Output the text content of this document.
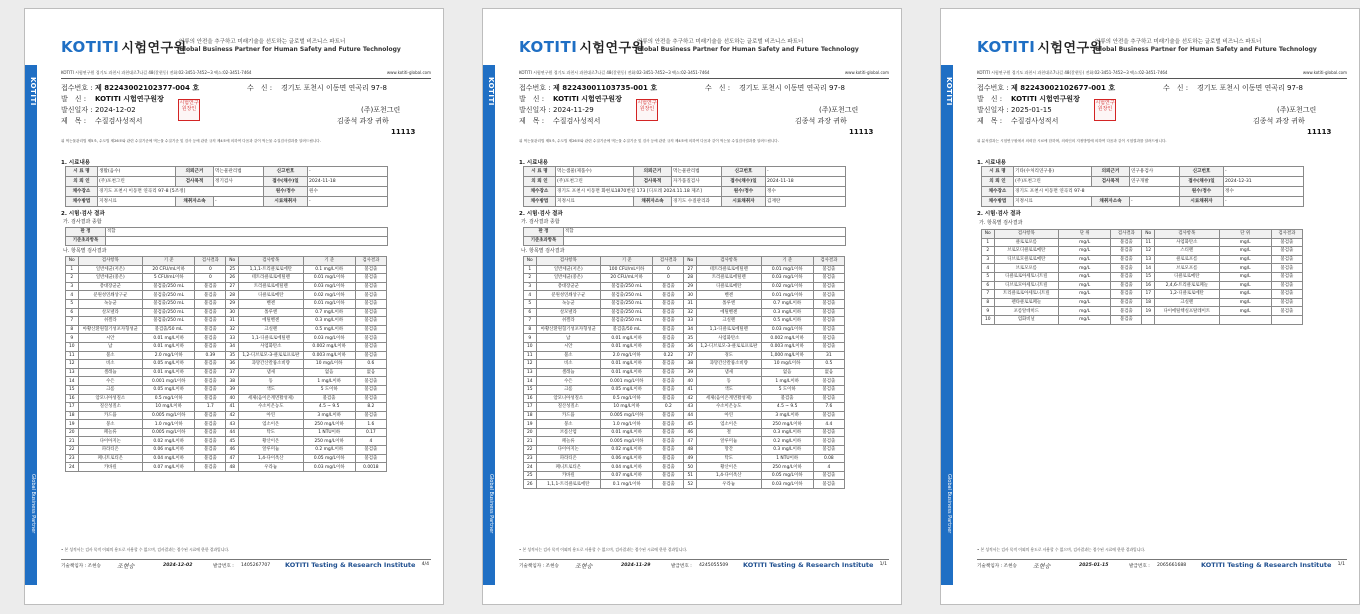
KOTITI
Global Business Partner
KOTITI 시험연구원
인류의 안전을 추구하고 미래기술을 선도하는 글로벌 비즈니스 파트너
Global Business Partner for Human Safety and Future Technology
KOTITI 시험연구원 경기도 과천시 과천대로7나길 48(갈현동) 전화:02-3451-7452~3 팩스:02-3451-7464	www.kotiti-global.com
접수번호 : 제 82243002102377-004 호	수　신 : 경기도 포천시 이동면 연곡리 97-8
발　신 : KOTITI 시험연구원장
발신일자 : 2024-12-02	(주)포천그린
제　목 : 수질검사성적서	김종석 과장 귀하
11113
시험연구원장인
위 먹는물관리법 제5조, 수도법 제26조와 관련 수질기준에 먹는물 수질기준 및 검사 등에 관한 규칙 제4조에 의하여 다음과 같이 먹는물 수질검사결과를 알려드립니다.
1. 시료내용
시 료 명	생활(음수)	의뢰근거	먹는물관리법	신고번호	-
의 뢰 인	(주)포천그린	검사목적	정기검사	접수(채수)일	2024-11-18
채수장소	경기도 포천시 이동면 연곡리 97-8 [5조정]			원수/정수	원수
채수방법	지정시료	채취자소속	-	시료채취자	-
2. 시험·검사 결과
가. 검사결과 종합
판 정	적합
기준초과항목	
나. 항목별 검사결과
No	검사항목	기 준	검사결과	No	검사항목	기 준	검사결과
1	일반세균(저온)	20 CFU/mL이하	0	25	1,1,1-트리클로로에탄	0.1 mg/L이하	불검출
2	일반세균(중온)	5 CFU/mL이하	0	26	테트라클로로에틸렌	0.01 mg/L이하	불검출
3	총대장균군	불검출/250 mL	불검출	27	트리클로로에틸렌	0.03 mg/L이하	불검출
4	분원성연쇄상구균	불검출/250 mL	불검출	28	디클로로메탄	0.02 mg/L이하	불검출
5	녹농균	불검출/250 mL	불검출	29	벤젠	0.01 mg/L이하	불검출
6	살모넬라	불검출/250 mL	불검출	30	톨루엔	0.7 mg/L이하	불검출
7	쉬겔라	불검출/250 mL	불검출	31	에틸벤젠	0.3 mg/L이하	불검출
8	아황산환원혐기성포자형성균	불검출/50 mL	불검출	32	크실렌	0.5 mg/L이하	불검출
9	시안	0.01 mg/L이하	불검출	33	1,1-디클로로에틸렌	0.03 mg/L이하	불검출
10	납	0.01 mg/L이하	불검출	34	사염화탄소	0.002 mg/L이하	불검출
11	불소	2.0 mg/L이하	0.39	35	1,2-디브로모-3-클로로프로판	0.003 mg/L이하	불검출
12	비소	0.05 mg/L이하	불검출	36	과망간산칼륨소비량	10 mg/L이하	0.6
13	셀레늄	0.01 mg/L이하	불검출	37	냄새	없음	없음
14	수은	0.001 mg/L이하	불검출	38	동	1 mg/L이하	불검출
15	크롬	0.05 mg/L이하	불검출	39	색도	5 도이하	불검출
16	암모니아성질소	0.5 mg/L이하	불검출	40	세제(음이온계면활성제)	불검출	불검출
17	질산성질소	10 mg/L이하	1.7	41	수소이온농도	4.5 ~ 9.5	8.2
18	카드뮴	0.005 mg/L이하	불검출	42	아연	3 mg/L이하	불검출
19	붕소	1.0 mg/L이하	불검출	43	염소이온	250 mg/L이하	1.6
20	페놀류	0.005 mg/L이하	불검출	44	탁도	1 NTU이하	0.17
21	다이아지논	0.02 mg/L이하	불검출	45	황산이온	250 mg/L이하	4
22	파라티온	0.06 mg/L이하	불검출	46	알루미늄	0.2 mg/L이하	불검출
23	페니트로티온	0.04 mg/L이하	불검출	47	1,4-다이옥산	0.05 mg/L이하	불검출
24	카바릴	0.07 mg/L이하	불검출	48	우라늄	0.03 mg/L이하	0.0018
• 본 성적서는 검사 목적 이외의 용도로 사용할 수 없으며, 검사결과는 접수된 시료에 한한 결과입니다.
기술책임자 : 조현승	조현승	2024-12-02	발급번호 : 1405267707 KOTITI Testing & Research Institute 4/4
KOTITI
Global Business Partner
KOTITI 시험연구원
인류의 안전을 추구하고 미래기술을 선도하는 글로벌 비즈니스 파트너
Global Business Partner for Human Safety and Future Technology
KOTITI 시험연구원 경기도 과천시 과천대로7나길 48(갈현동) 전화:02-3451-7452~3 팩스:02-3451-7464	www.kotiti-global.com
접수번호 : 제 82243001103735-001 호	수　신 : 경기도 포천시 이동면 연곡리 97-8
발　신 : KOTITI 시험연구원장
발신일자 : 2024-11-29	(주)포천그린
제　목 : 수질검사성적서	김종석 과장 귀하
11113
시험연구원장인
위 먹는물관리법 제5조, 수도법 제26조와 관련 수질기준에 먹는물 수질기준 및 검사 등에 관한 규칙 제4조에 의하여 다음과 같이 먹는물 수질검사결과를 알려드립니다.
1. 시료내용
시 료 명	먹는샘물(제품수)	의뢰근거	먹는물관리법	신고번호	-
의 뢰 인	(주)포천그린	검사목적	자가품질검사	접수(채수)일	2024-11-18
채수장소	경기도 포천시 이동면 화현로1870번길 173 [디포레 2024.11.18 제조]			원수/정수	정수
채수방법	지정시료	채취자소속	경기도 수질관리과	시료채취자	김재란
2. 시험·검사 결과
가. 검사결과 종합
판 정	적합
기준초과항목	
나. 항목별 검사결과
No	검사항목	기 준	검사결과	No	검사항목	기 준	검사결과
1	일반세균(저온)	100 CFU/mL이하	0	27	테트라클로로에틸렌	0.01 mg/L이하	불검출
2	일반세균(중온)	20 CFU/mL이하	0	28	트리클로로에틸렌	0.03 mg/L이하	불검출
3	총대장균군	불검출/250 mL	불검출	29	디클로로메탄	0.02 mg/L이하	불검출
4	분원성연쇄상구균	불검출/250 mL	불검출	30	벤젠	0.01 mg/L이하	불검출
5	녹농균	불검출/250 mL	불검출	31	톨루엔	0.7 mg/L이하	불검출
6	살모넬라	불검출/250 mL	불검출	32	에틸벤젠	0.3 mg/L이하	불검출
7	쉬겔라	불검출/250 mL	불검출	33	크실렌	0.5 mg/L이하	불검출
8	아황산환원혐기성포자형성균	불검출/50 mL	불검출	34	1,1-디클로로에틸렌	0.03 mg/L이하	불검출
9	납	0.01 mg/L이하	불검출	35	사염화탄소	0.002 mg/L이하	불검출
10	시안	0.01 mg/L이하	불검출	36	1,2-디브로모-3-클로로프로판	0.003 mg/L이하	불검출
11	불소	2.0 mg/L이하	0.22	37	경도	1,000 mg/L이하	31
12	비소	0.01 mg/L이하	불검출	38	과망간산칼륨소비량	10 mg/L이하	0.5
13	셀레늄	0.01 mg/L이하	불검출	39	냄새	없음	없음
14	수은	0.001 mg/L이하	불검출	40	동	1 mg/L이하	불검출
15	크롬	0.05 mg/L이하	불검출	41	색도	5 도이하	불검출
16	암모니아성질소	0.5 mg/L이하	불검출	42	세제(음이온계면활성제)	불검출	불검출
17	질산성질소	10 mg/L이하	0.2	43	수소이온농도	4.5 ~ 9.5	7.6
18	카드뮴	0.005 mg/L이하	불검출	44	아연	3 mg/L이하	불검출
19	붕소	1.0 mg/L이하	불검출	45	염소이온	250 mg/L이하	4.4
20	브롬산염	0.01 mg/L이하	불검출	46	철	0.3 mg/L이하	불검출
21	페놀류	0.005 mg/L이하	불검출	47	알루미늄	0.2 mg/L이하	불검출
22	다이아지논	0.02 mg/L이하	불검출	48	망간	0.3 mg/L이하	불검출
23	파라티온	0.06 mg/L이하	불검출	49	탁도	1 NTU이하	0.08
24	페니트로티온	0.04 mg/L이하	불검출	50	황산이온	250 mg/L이하	4
25	카바릴	0.07 mg/L이하	불검출	51	1,4-다이옥산	0.05 mg/L이하	불검출
26	1,1,1-트리클로로에탄	0.1 mg/L이하	불검출	52	우라늄	0.03 mg/L이하	불검출
• 본 성적서는 검사 목적 이외의 용도로 사용할 수 없으며, 검사결과는 접수된 시료에 한한 결과입니다.
기술책임자 : 조현승	조현승	2024-11-29	발급번호 : 4245055509 KOTITI Testing & Research Institute 1/1
KOTITI
Global Business Partner
KOTITI 시험연구원
인류의 안전을 추구하고 미래기술을 선도하는 글로벌 비즈니스 파트너
Global Business Partner for Human Safety and Future Technology
KOTITI 시험연구원 경기도 과천시 과천대로7나길 48(갈현동) 전화:02-3451-7452~3 팩스:02-3451-7464	www.kotiti-global.com
접수번호 : 제 82243002102677-001 호	수　신 : 경기도 포천시 이동면 연곡리 97-8
발　신 : KOTITI 시험연구원장
발신일자 : 2025-01-15	(주)포천그린
제　목 : 수질검사성적서	김종석 과장 귀하
11113
시험연구원장인
위 분석결과는 시험연구원에서 의뢰한 시료에 한하며, 의뢰인의 지정방법에 의하여 다음과 같이 시험결과를 알려드립니다.
1. 시료내용
시 료 명	기타(수처리연구용)	의뢰근거	연구용검사	신고번호	-
의 뢰 인	(주)포천그린	검사목적	연구개발	접수(채수)일	2024-12-31
채수장소	경기도 포천시 이동면 연곡리 97-8			원수/정수	정수
채수방법	지정시료	채취자소속	-	시료채취자	-
2. 시험·검사 결과
가. 항목별 검사결과
No	검사항목	단 위	검사결과	No	검사항목	단 위	검사결과
1	클로로포름	mg/L	불검출	11	사염화탄소	mg/L	불검출
2	브로모디클로로메탄	mg/L	불검출	12	스티렌	mg/L	불검출
3	디브로모클로로메탄	mg/L	불검출	13	클로로포름	mg/L	불검출
4	브로모포름	mg/L	불검출	14	브로모포름	mg/L	불검출
5	디클로로아세토니트릴	mg/L	불검출	15	디클로로메탄	mg/L	불검출
6	디브로모아세토니트릴	mg/L	불검출	16	2,4,6-트리클로로페놀	mg/L	불검출
7	트리클로로아세토니트릴	mg/L	불검출	17	1,2-디클로로에탄	mg/L	불검출
8	펜타클로로페놀	mg/L	불검출	18	크실렌	mg/L	불검출
9	포름알데히드	mg/L	불검출	19	다이에틸헥실프탈레이트	mg/L	불검출
10	염화비닐	mg/L	불검출				
• 본 성적서는 검사 목적 이외의 용도로 사용할 수 없으며, 검사결과는 접수된 시료에 한한 결과입니다.
기술책임자 : 조현승	조현승	2025-01-15	발급번호 : 2065661688 KOTITI Testing & Research Institute 1/1
